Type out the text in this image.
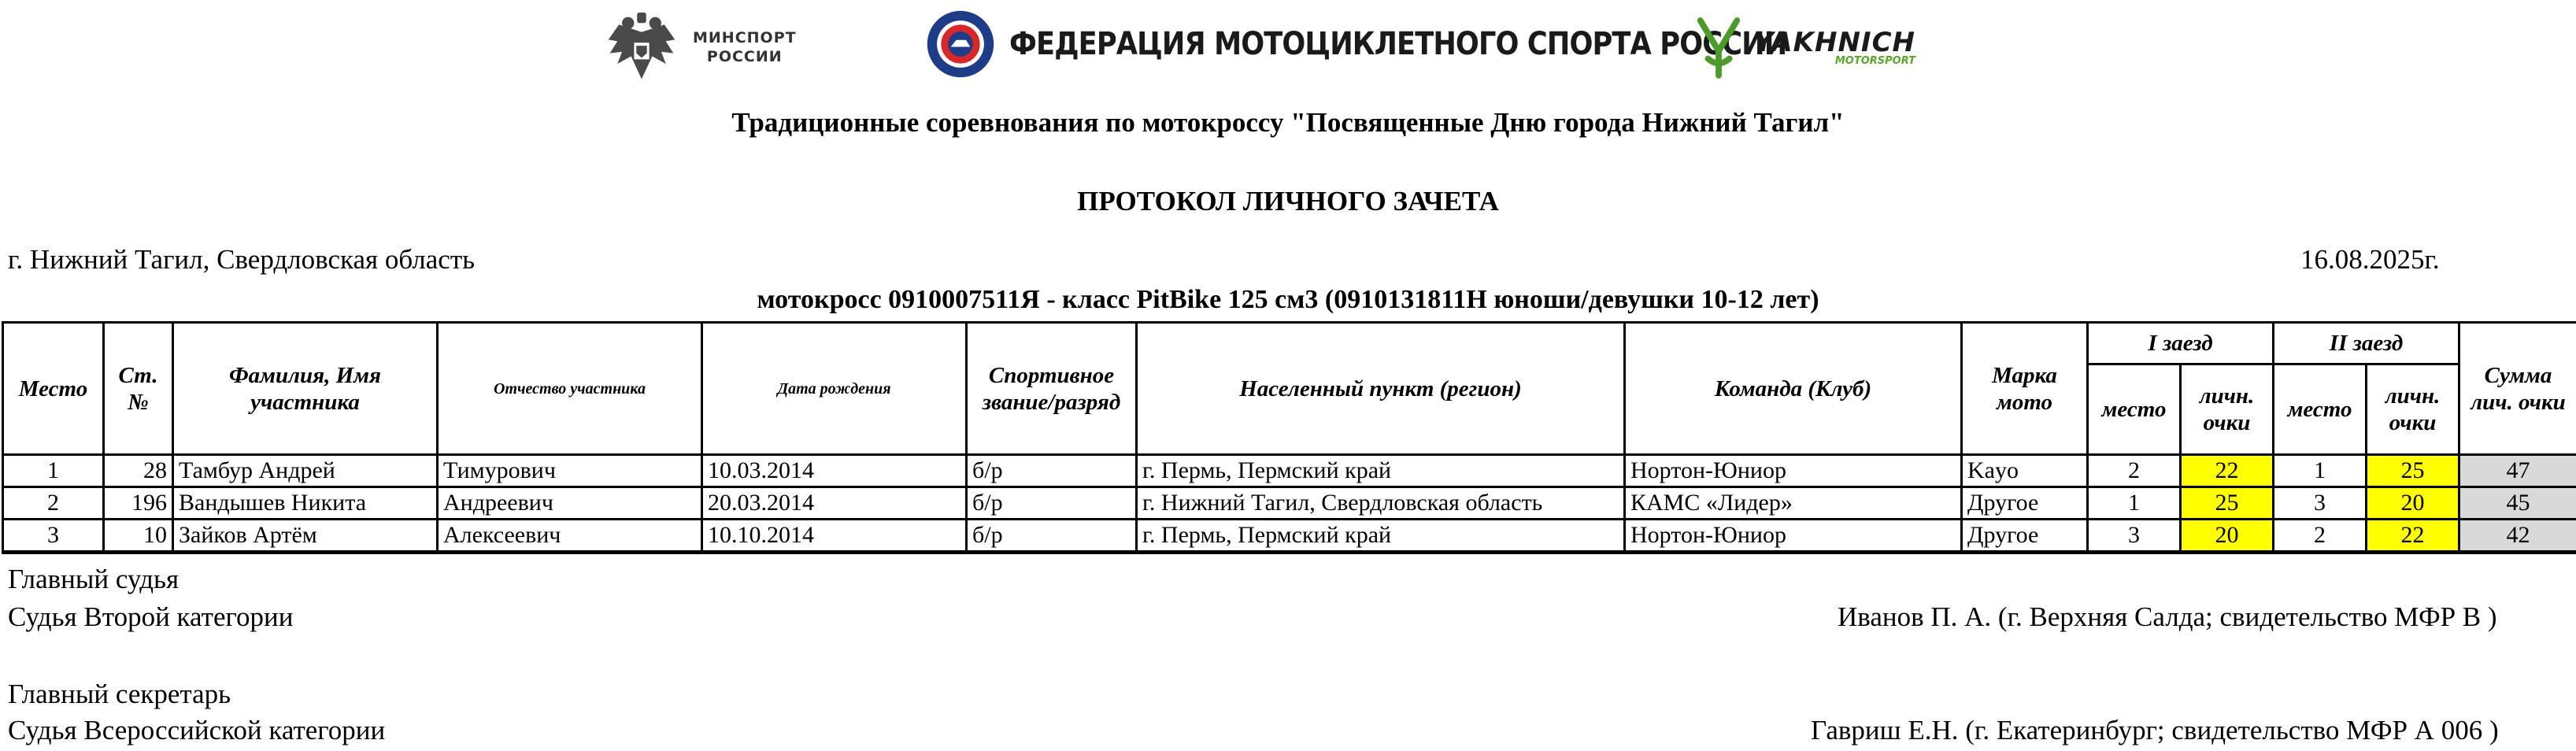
МИНСПОРТ
РОССИИ	ФЕДЕРАЦИЯ МОТОЦИКЛЕТНОГО СПОРТА РОССИИ
YAKHNICH
MOTORSPORT
Традиционные соревнования по мотокроссу "Посвященные Дню города Нижний Тагил"
ПРОТОКОЛ ЛИЧНОГО ЗАЧЕТА
г. Нижний Тагил, Свердловская область	16.08.2025г.
мотокросс 0910007511Я - класс PitBike 125 см3 (0910131811Н юноши/девушки 10-12 лет)
Место	Ст. №	Фамилия, Имя участника	Отчество участника	Дата рождения	Спортивное звание/разряд	Населенный пункт (регион)	Команда (Клуб)	Марка мото	I заезд		II заезд		Сумма лич. очки
									место	личн. очки	место	личн. очки	
1	28	Тамбур Андрей	Тимурович	10.03.2014	б/р	г. Пермь, Пермский край	Нортон-Юниор	Kayo	2	22	1	25	47
2	196	Вандышев Никита	Андреевич	20.03.2014	б/р	г. Нижний Тагил, Свердловская область	КАМС «Лидер»	Другое	1	25	3	20	45
3	10	Зайков Артём	Алексеевич	10.10.2014	б/р	г. Пермь, Пермский край	Нортон-Юниор	Другое	3	20	2	22	42
Главный судья
Судья Второй категории	Иванов П. А. (г. Верхняя Салда; свидетельство МФР В )
Главный секретарь
Судья Всероссийской категории	Гавриш Е.Н. (г. Екатеринбург; свидетельство МФР А 006 )
